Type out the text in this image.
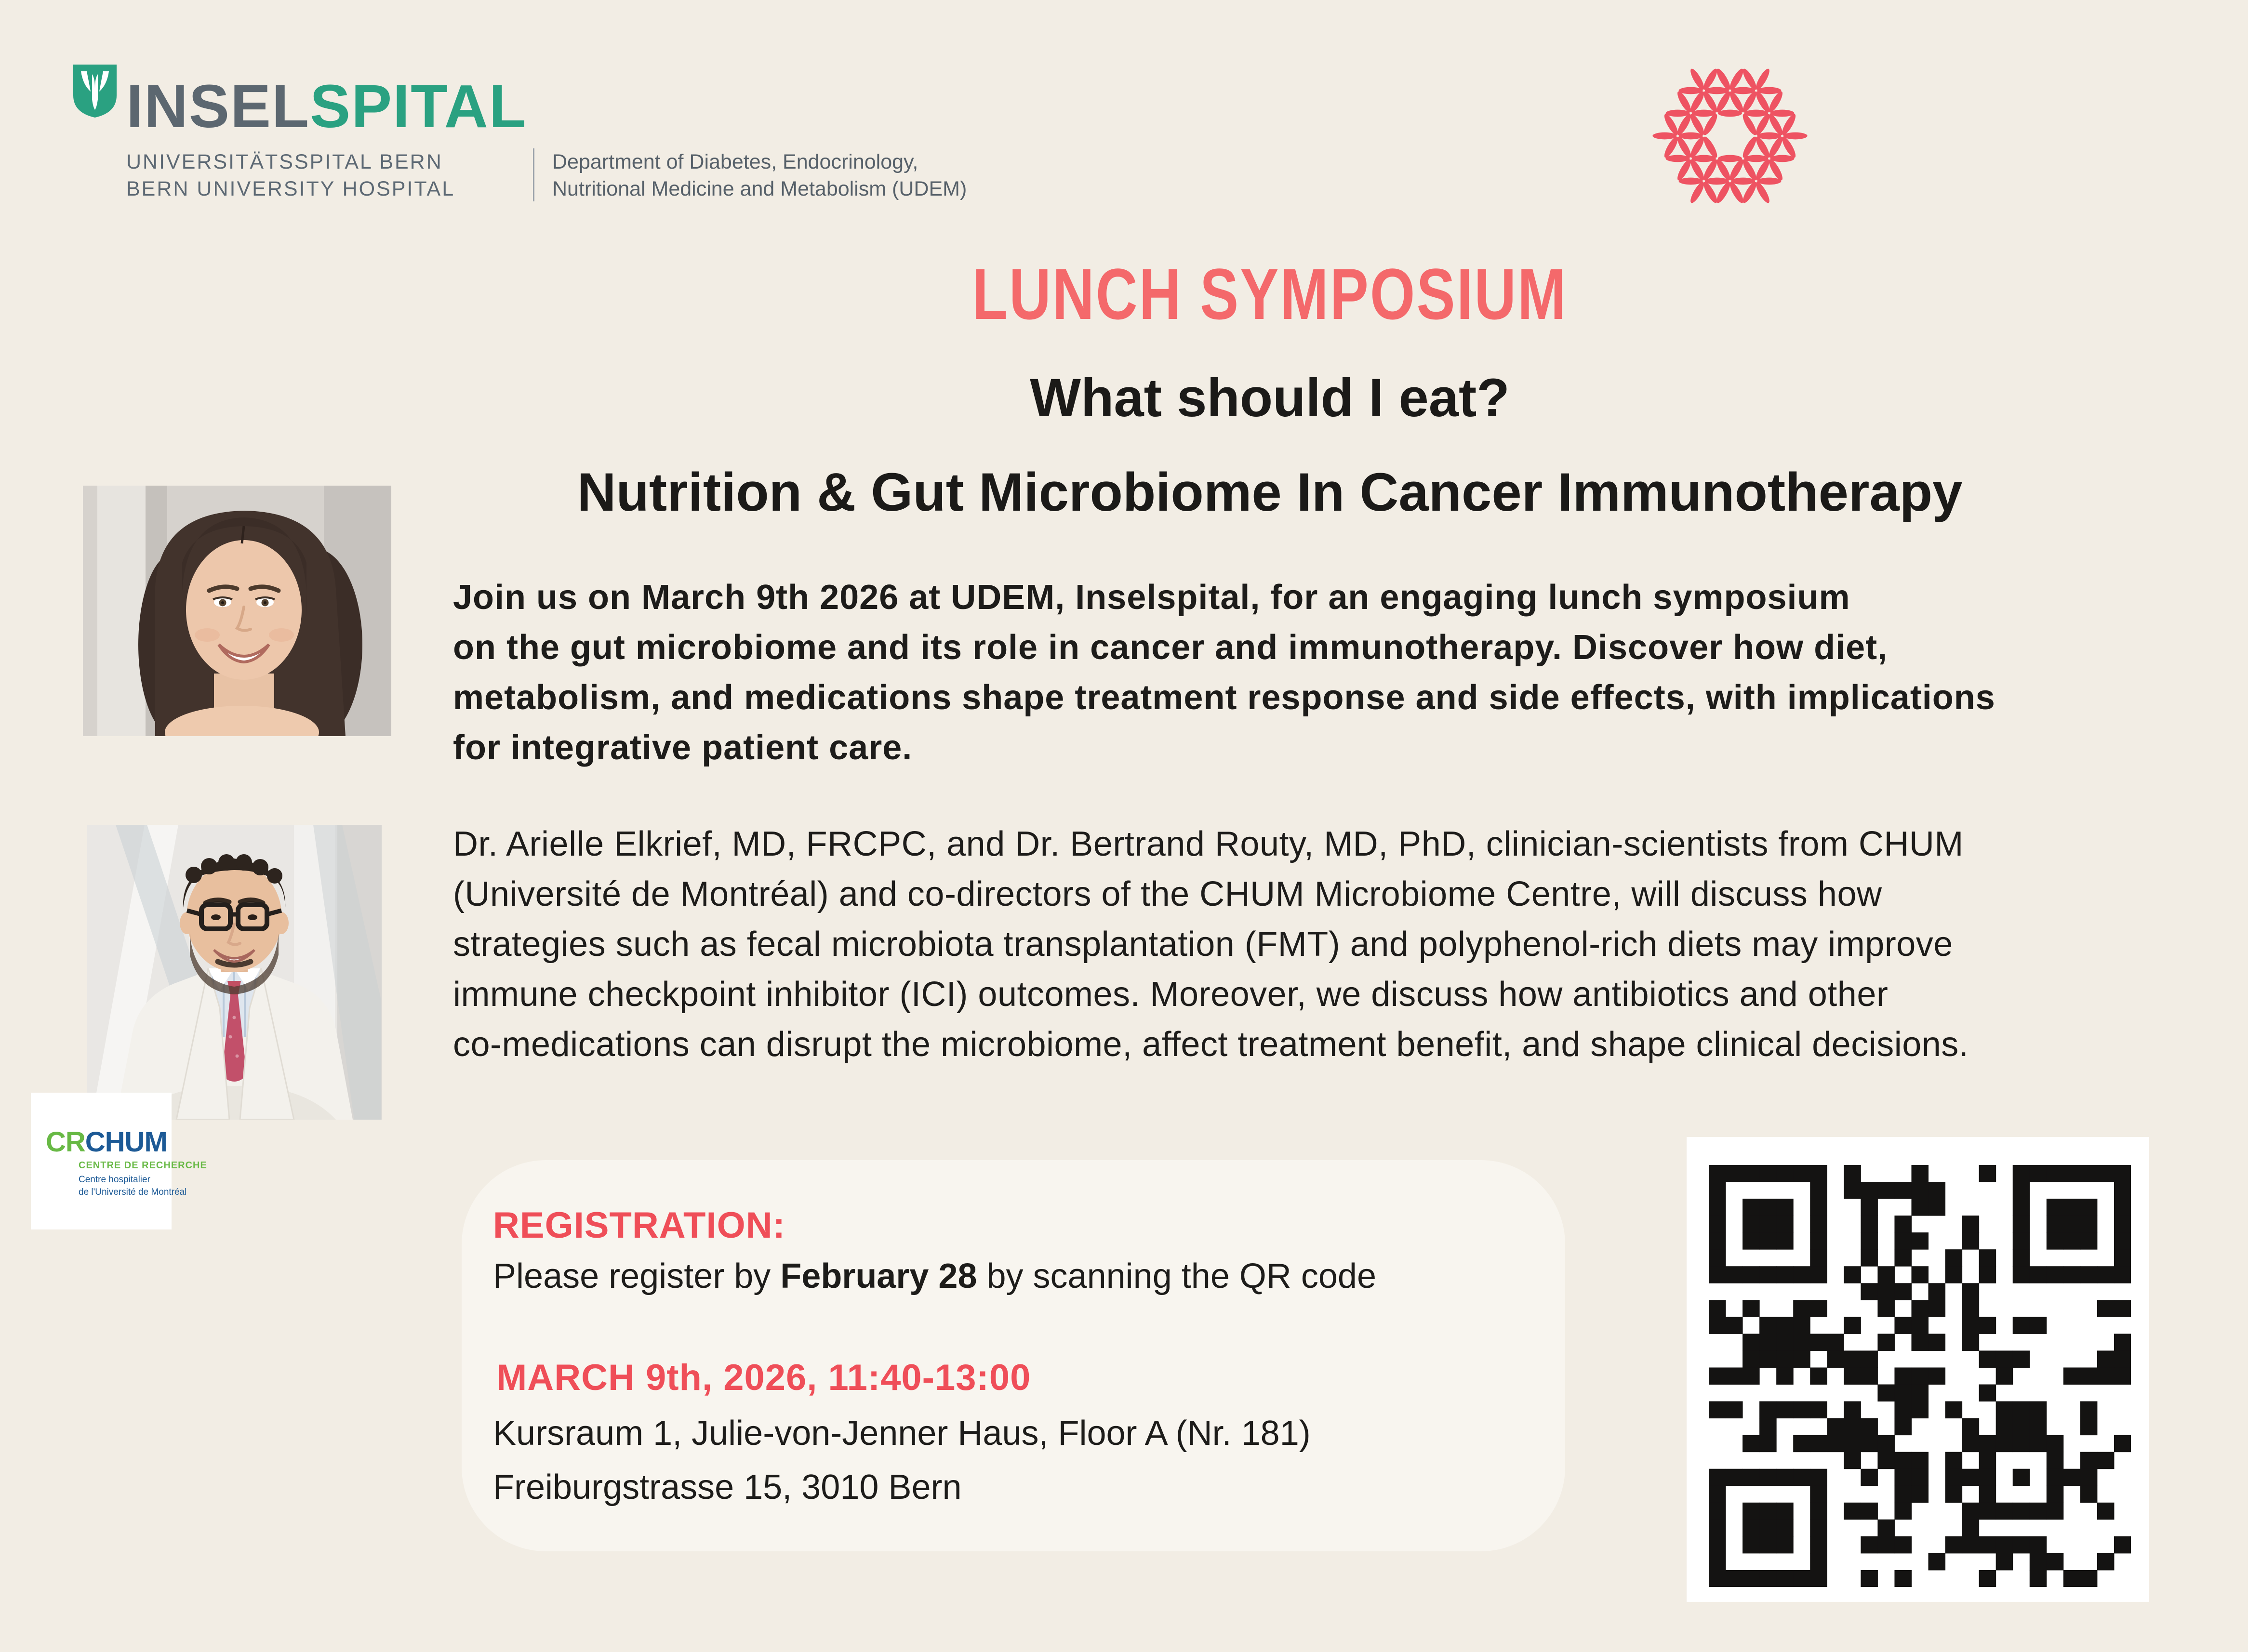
INSELSPITAL
UNIVERSITÄTSSPITAL BERN
BERN UNIVERSITY HOSPITAL
Department of Diabetes, Endocrinology,
Nutritional Medicine and Metabolism (UDEM)
LUNCH SYMPOSIUM
What should I eat?
Nutrition & Gut Microbiome In Cancer Immunotherapy
CRCHUM
CENTRE DE RECHERCHE
Centre hospitalier
de l'Université de Montréal
Join us on March 9th 2026 at UDEM, Inselspital, for an engaging lunch symposium
on the gut microbiome and its role in cancer and immunotherapy. Discover how diet,
metabolism, and medications shape treatment response and side effects, with implications
for integrative patient care.
Dr. Arielle Elkrief, MD, FRCPC, and Dr. Bertrand Routy, MD, PhD, clinician-scientists from CHUM
(Université de Montréal) and co-directors of the CHUM Microbiome Centre, will discuss how
strategies such as fecal microbiota transplantation (FMT) and polyphenol-rich diets may improve
immune checkpoint inhibitor (ICI) outcomes. Moreover, we discuss how antibiotics and other
co-medications can disrupt the microbiome, affect treatment benefit, and shape clinical decisions.
REGISTRATION:
Please register by February 28 by scanning the QR code
MARCH 9th, 2026, 11:40-13:00
Kursraum 1, Julie-von-Jenner Haus, Floor A (Nr. 181)
Freiburgstrasse 15, 3010 Bern
